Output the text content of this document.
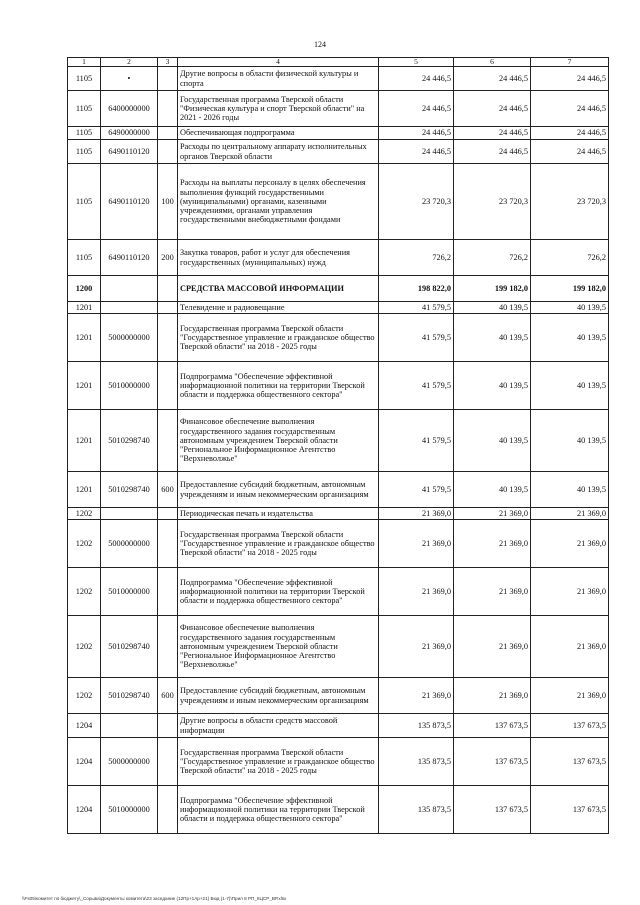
124
1	2	3	4	5	6	7
1105	•		Другие вопросы в области физической культуры и спорта	24 446,5	24 446,5	24 446,5
1105	6400000000		Государственная программа Тверской области "Физическая культура и спорт Тверской области" на 2021 - 2026 годы	24 446,5	24 446,5	24 446,5
1105	6490000000		Обеспечивающая подпрограмма	24 446,5	24 446,5	24 446,5
1105	6490110120		Расходы по центральному аппарату исполнительных органов Тверской области	24 446,5	24 446,5	24 446,5
1105	6490110120	100	Расходы на выплаты персоналу в целях обеспечения выполнения функций государственными (муниципальными) органами, казенными учреждениями, органами управления государственными внебюджетными фондами	23 720,3	23 720,3	23 720,3
1105	6490110120	200	Закупка товаров, работ и услуг для обеспечения государственных (муниципальных) нужд	726,2	726,2	726,2
1200			СРЕДСТВА МАССОВОЙ ИНФОРМАЦИИ	198 822,0	199 182,0	199 182,0
1201			Телевидение и радиовещание	41 579,5	40 139,5	40 139,5
1201	5000000000		Государственная программа Тверской области "Государственное управление и гражданское общество Тверской области" на 2018 - 2025 годы	41 579,5	40 139,5	40 139,5
1201	5010000000		Подпрограмма "Обеспечение эффективной информационной политики на территории Тверской области и поддержка общественного сектора"	41 579,5	40 139,5	40 139,5
1201	5010298740		Финансовое обеспечение выполнения государственного задания государственным автономным учреждением Тверской области "Региональное Информационное Агентство "Верхневолжье"	41 579,5	40 139,5	40 139,5
1201	5010298740	600	Предоставление субсидий бюджетным, автономным учреждениям и иным некоммерческим организациям	41 579,5	40 139,5	40 139,5
1202			Периодическая печать и издательства	21 369,0	21 369,0	21 369,0
1202	5000000000		Государственная программа Тверской области "Государственное управление и гражданское общество Тверской области" на 2018 - 2025 годы	21 369,0	21 369,0	21 369,0
1202	5010000000		Подпрограмма "Обеспечение эффективной информационной политики на территории Тверской области и поддержка общественного сектора"	21 369,0	21 369,0	21 369,0
1202	5010298740		Финансовое обеспечение выполнения государственного задания государственным автономным учреждением Тверской области "Региональное Информационное Агентство "Верхневолжье"	21 369,0	21 369,0	21 369,0
1202	5010298740	600	Предоставление субсидий бюджетным, автономным учреждениям и иным некоммерческим организациям	21 369,0	21 369,0	21 369,0
1204			Другие вопросы в области средств массовой информации	135 873,5	137 673,5	137 673,5
1204	5000000000		Государственная программа Тверской области "Государственное управление и гражданское общество Тверской области" на 2018 - 2025 годы	135 873,5	137 673,5	137 673,5
1204	5010000000		Подпрограмма "Обеспечение эффективной информационной политики на территории Тверской области и поддержка общественного сектора"	135 873,5	137 673,5	137 673,5
\\Fs05\комитет по бюджету\_Сорыва\Документы комитета\23 заседание (12Пр+1Ар+21) Бюд (1-7)\Прил 8 РП_КЦСР_ВР.xlsx
